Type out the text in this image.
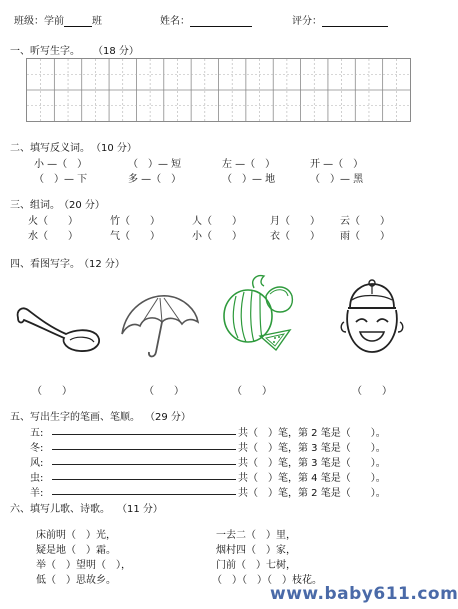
班级：学前	班	姓名：	评分：
一、听写生字。 （18 分）
二、填写反义词。 （10 分）
小 —（　）	（　）— 短	左 —（　）	开 —（　）
（　）— 下	多 —（　）	（　）— 地	（　）— 黑
三、组词。 （20 分）
火（　　）	竹（　　）	人（　　）	月（　　） 云（　　）
水（　　）	气（　　）	小（　　）	衣（　　） 雨（　　）
四、看图写字。 （12 分）
（　　）	（　　）	（　　）	（　　）
五、写出生字的笔画、笔顺。 （29 分）
五:	共（　）笔，第 2 笔是（　　）。
冬:	共（　）笔，第 3 笔是（　　）。
风:	共（　）笔，第 3 笔是（　　）。
虫:	共（　）笔，第 4 笔是（　　）。
羊:	共（　）笔，第 2 笔是（　　）。
六、填写儿歌、诗歌。 （11 分）
床前明（　）光，
疑是地（　）霜。
举（　）望明（　），
低（　）思故乡。
一去二（　）里，
烟村四（　）家，
门前（　）七树，
（　）（　）（　）枝花。
www.baby611.com
